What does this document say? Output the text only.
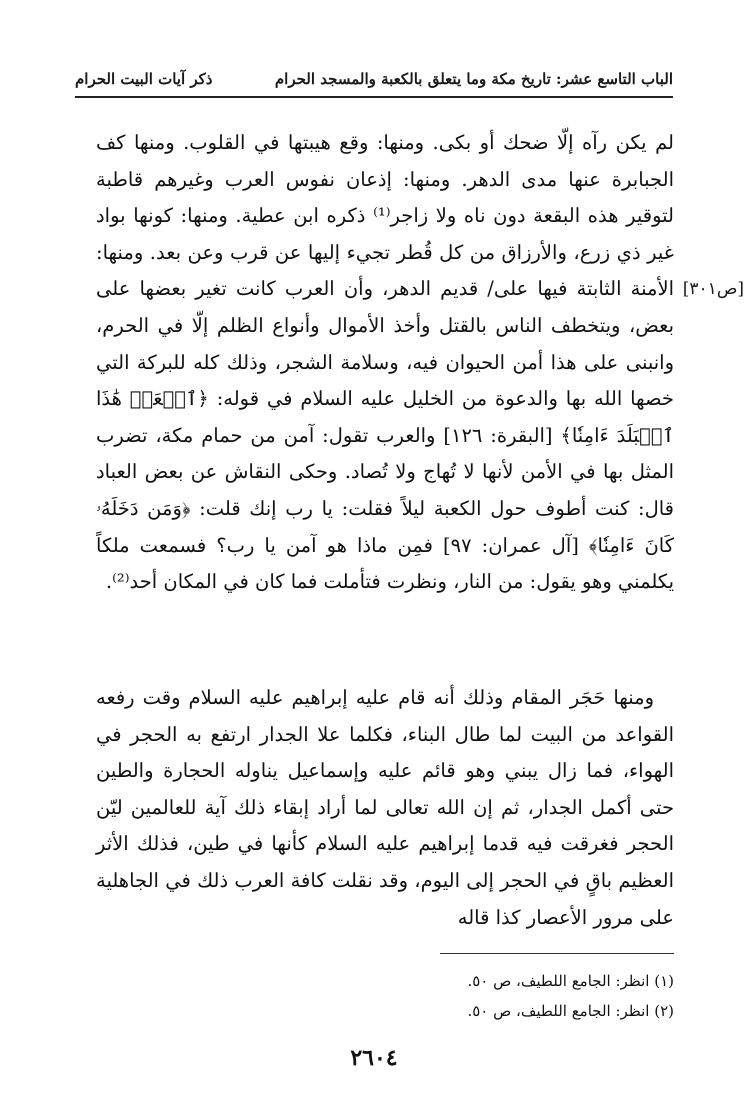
الباب التاسع عشر: تاريخ مكة وما يتعلق بالكعبة والمسجد الحرام
ذكر آيات البيت الحرام

لم يكن رآه إلّا ضحك أو بكى. ومنها: وقع هيبتها في القلوب. ومنها كف الجبابرة عنها مدى الدهر. ومنها: إذعان نفوس العرب وغيرهم قاطبة لتوقير هذه البقعة دون ناه ولا زاجر⁽¹⁾ ذكره ابن عطية. ومنها: كونها بواد غير ذي زرع، والأرزاق من كل قُطر تجيء إليها عن قرب وعن بعد. ومنها: الأمنة الثابتة فيها على/ قديم الدهر، وأن العرب كانت تغير بعضها على بعض، ويتخطف الناس بالقتل وأخذ الأموال وأنواع الظلم إلّا في الحرم، وانبنى على هذا أمن الحيوان فيه، وسلامة الشجر، وذلك كله للبركة التي خصها الله بها والدعوة من الخليل عليه السلام في قوله: ﴿ٱجۡعَلۡ هَٰذَا ٱلۡبَلَدَ ءَامِنٗا﴾ [البقرة: ١٢٦] والعرب تقول: آمن من حمام مكة، تضرب المثل بها في الأمن لأنها لا تُهاج ولا تُصاد. وحكى النقاش عن بعض العباد قال: كنت أطوف حول الكعبة ليلاً فقلت: يا رب إنك قلت: ﴿وَمَن دَخَلَهُۥ كَانَ ءَامِنٗا﴾ [آل عمران: ٩٧] فمِن ماذا هو آمن يا رب؟ فسمعت ملكاً يكلمني وهو يقول: من النار، ونظرت فتأملت فما كان في المكان أحد⁽²⁾.

[ص٣٠١]

ومنها حَجَر المقام وذلك أنه قام عليه إبراهيم عليه السلام وقت رفعه القواعد من البيت لما طال البناء، فكلما علا الجدار ارتفع به الحجر في الهواء، فما زال يبني وهو قائم عليه وإسماعيل يناوله الحجارة والطين حتى أكمل الجدار، ثم إن الله تعالى لما أراد إبقاء ذلك آية للعالمين ليّن الحجر فغرقت فيه قدما إبراهيم عليه السلام كأنها في طين، فذلك الأثر العظيم باقٍ في الحجر إلى اليوم، وقد نقلت كافة العرب ذلك في الجاهلية على مرور الأعصار كذا قاله

(١) انظر: الجامع اللطيف، ص ٥٠.
(٢) انظر: الجامع اللطيف، ص ٥٠.
٢٦٠٤
